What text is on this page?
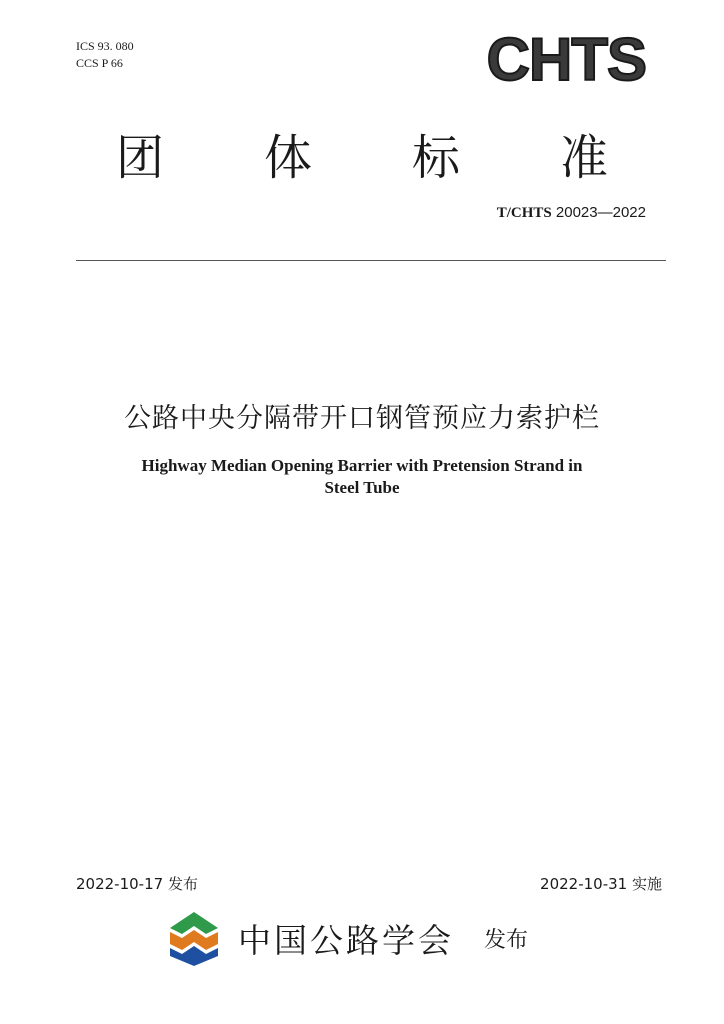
ICS 93. 080
CCS P 66	CHTS
团 体 标 准
T/CHTS 20023—2022
公路中央分隔带开口钢管预应力索护栏
Highway Median Opening Barrier with Pretension Strand in
Steel Tube
2022-10-17 发布	2022-10-31 实施
中国公路学会 发布
